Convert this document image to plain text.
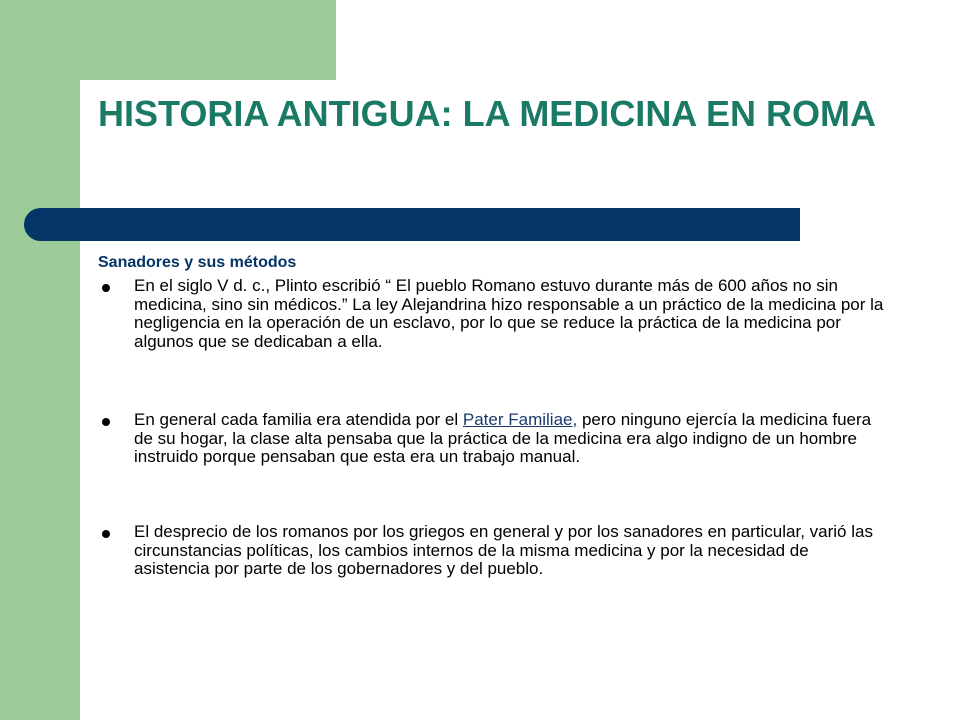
HISTORIA ANTIGUA: LA MEDICINA EN ROMA
Sanadores y sus métodos

En el siglo V d. c., Plinto escribió “ El pueblo Romano estuvo durante más de 600 años no sin medicina, sino sin médicos.” La ley Alejandrina hizo responsable a un práctico de la medicina por la negligencia en la operación de un esclavo, por lo que se reduce la práctica de la medicina por algunos que se dedicaban a ella.

En general cada familia era atendida por el Pater Familiae, pero ninguno ejercía la medicina fuera de su hogar, la clase alta pensaba que la práctica de la medicina era algo indigno de un hombre instruido porque pensaban que esta era un trabajo manual.

El desprecio de los romanos por los griegos en general y por los sanadores en particular, varió las circunstancias políticas, los cambios internos de la misma medicina y por la necesidad de asistencia por parte de los gobernadores y del pueblo.
